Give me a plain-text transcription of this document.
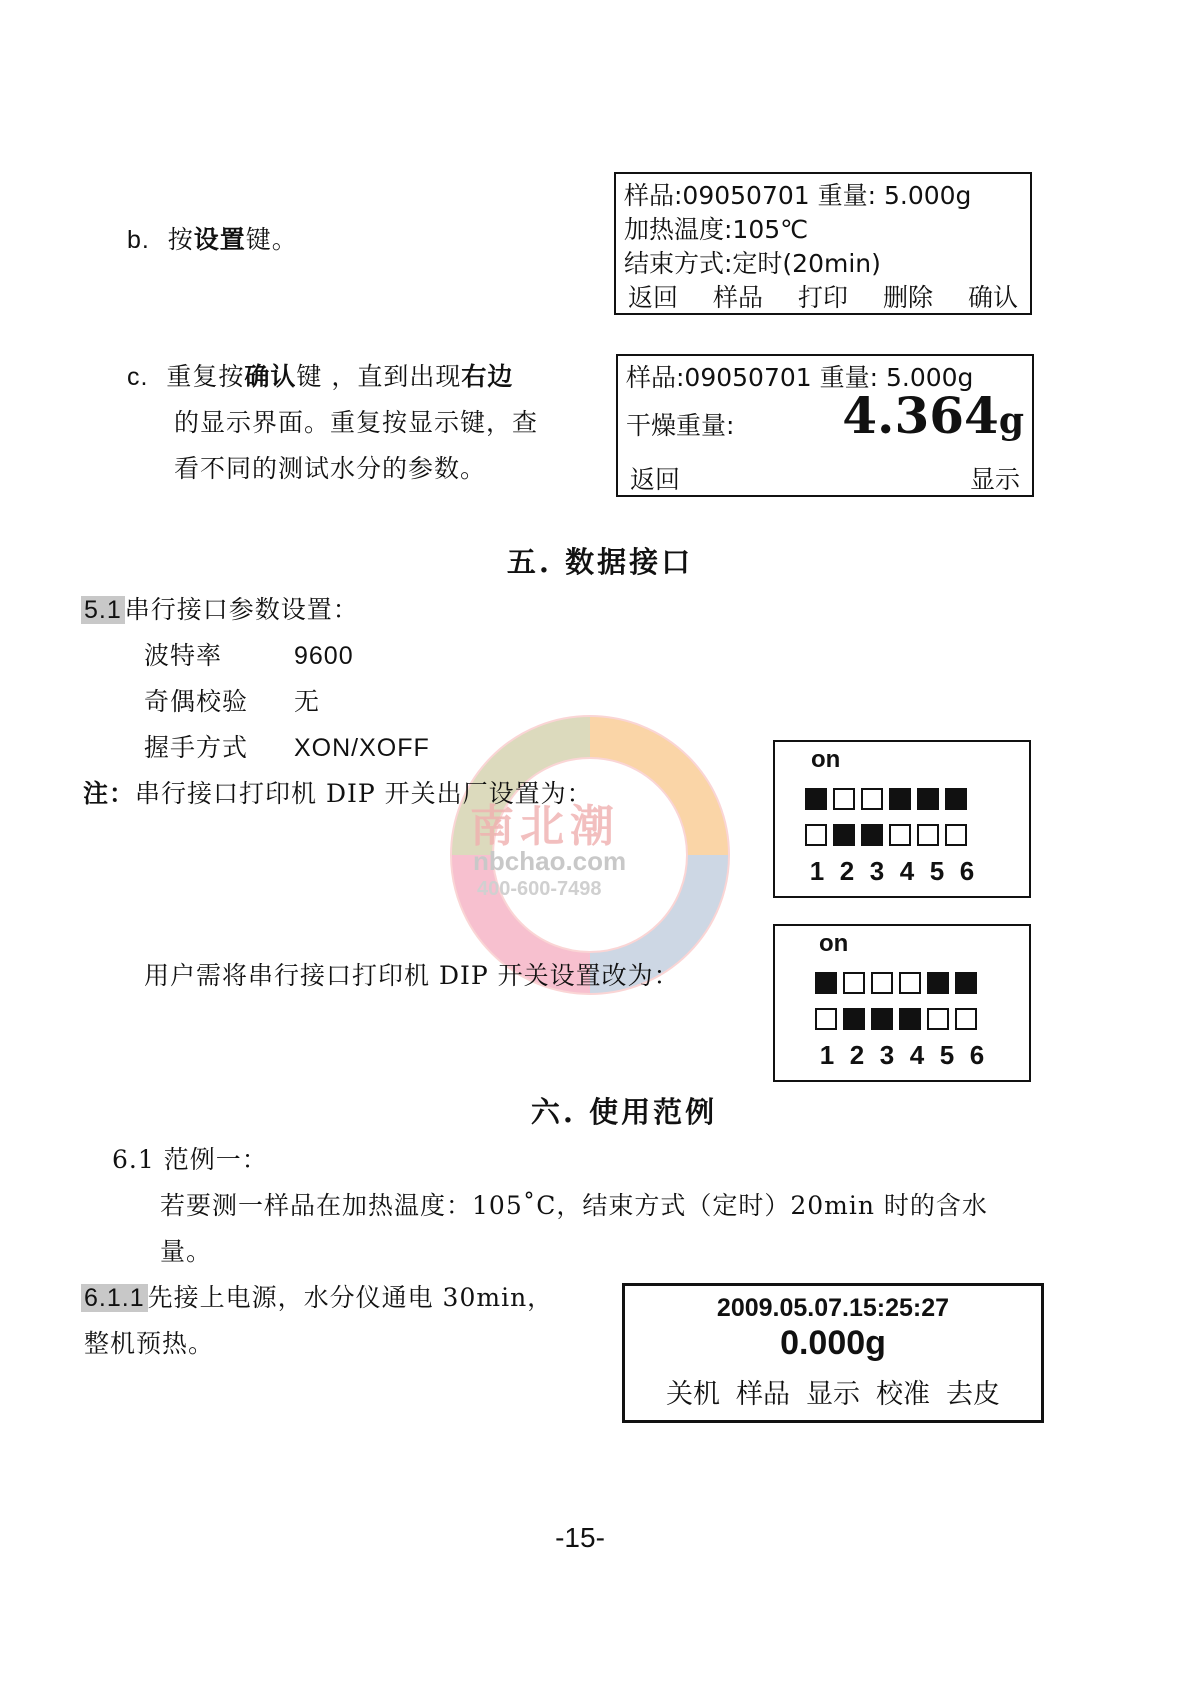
南北潮
nbchao.com
400-600-7498
b. 按设置键。
样品:09050701 重量: 5.000g
加热温度:105℃
结束方式:定时(20min)
返回 样品 打印 删除 确认
c. 重复按确认键 ，直到出现右边
的显示界面。重复按显示键，查
看不同的测试水分的参数。
样品:09050701 重量: 5.000g
干燥重量:	4.364g
返回	显示
五. 数据接口
5.1 串行接口参数设置：
波特率	9600
奇偶校验 无
握手方式 XON/XOFF
注：串行接口打印机 DIP 开关出厂设置为：
on
1 2 3 4 5 6
用户需将串行接口打印机 DIP 开关设置改为：
on
1 2 3 4 5 6
六. 使用范例
6.1 范例一：
若要测一样品在加热温度：105˚C，结束方式（定时）20min 时的含水
量。
6.1.1 先接上电源，水分仪通电 30min，
整机预热。
2009.05.07.15:25:27
0.000g
关机 样品 显示 校准 去皮
-15-
